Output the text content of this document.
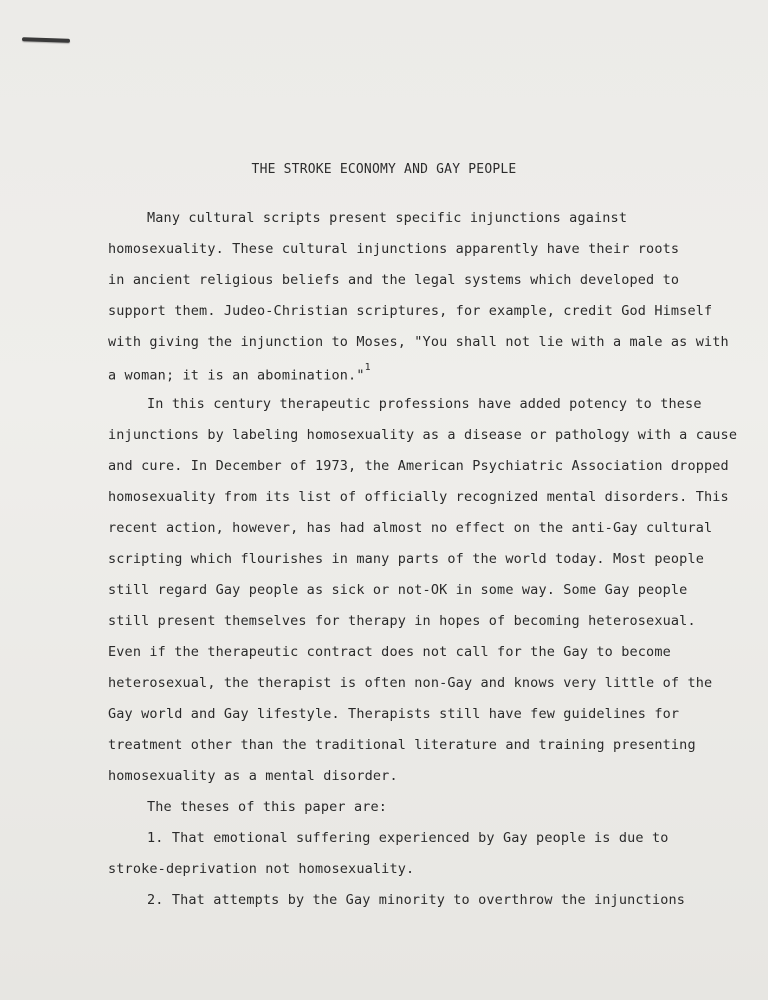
THE STROKE ECONOMY AND GAY PEOPLE
Many cultural scripts present specific injunctions against
homosexuality. These cultural injunctions apparently have their roots
in ancient religious beliefs and the legal systems which developed to
support them. Judeo-Christian scriptures, for example, credit God Himself
with giving the injunction to Moses, "You shall not lie with a male as with
a woman; it is an abomination."$^1$
In this century therapeutic professions have added potency to these
injunctions by labeling homosexuality as a disease or pathology with a cause
and cure. In December of 1973, the American Psychiatric Association dropped
homosexuality from its list of officially recognized mental disorders. This
recent action, however, has had almost no effect on the anti-Gay cultural
scripting which flourishes in many parts of the world today. Most people
still regard Gay people as sick or not-OK in some way. Some Gay people
still present themselves for therapy in hopes of becoming heterosexual.
Even if the therapeutic contract does not call for the Gay to become
heterosexual, the therapist is often non-Gay and knows very little of the
Gay world and Gay lifestyle. Therapists still have few guidelines for
treatment other than the traditional literature and training presenting
homosexuality as a mental disorder.
The theses of this paper are:
1. That emotional suffering experienced by Gay people is due to
stroke-deprivation not homosexuality.
2. That attempts by the Gay minority to overthrow the injunctions
